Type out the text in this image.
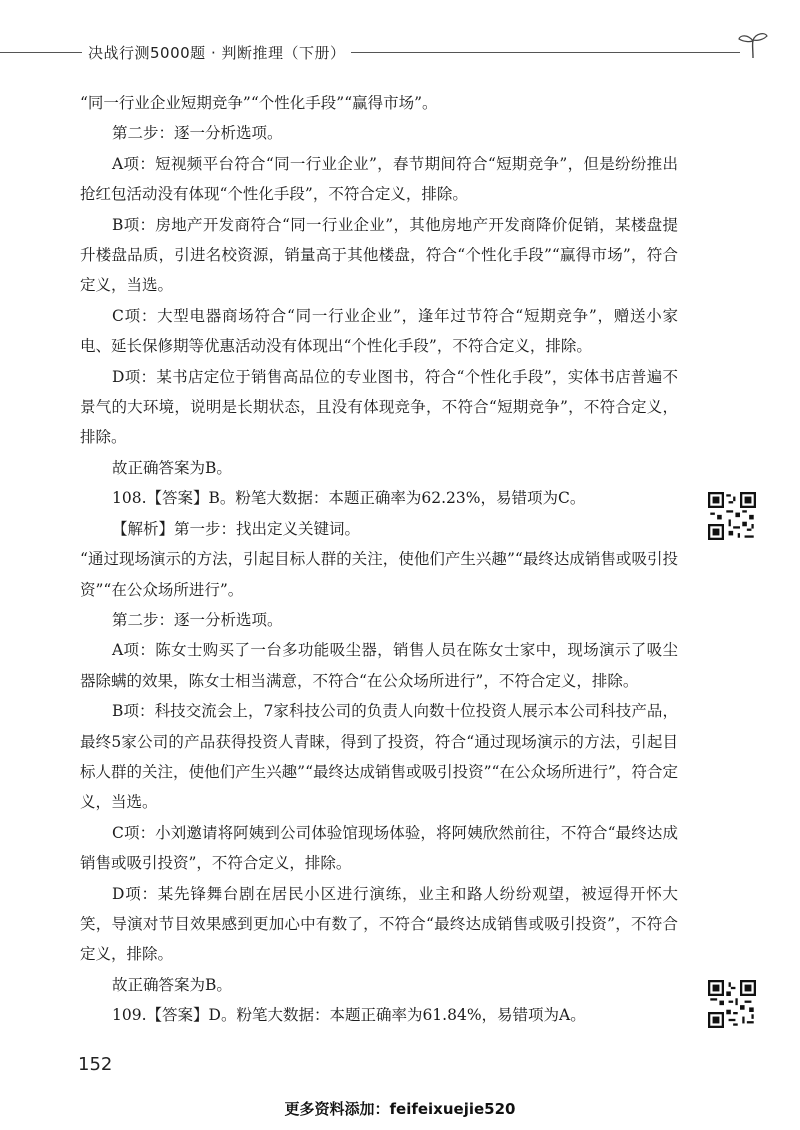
决战行测5000题 · 判断推理（下册）

“同一行业企业短期竞争”“个性化手段”“赢得市场”。

第二步：逐一分析选项。

A项：短视频平台符合“同一行业企业”，春节期间符合“短期竞争”，但是纷纷推出抢红包活动没有体现“个性化手段”，不符合定义，排除。

B项：房地产开发商符合“同一行业企业”，其他房地产开发商降价促销，某楼盘提升楼盘品质，引进名校资源，销量高于其他楼盘，符合“个性化手段”“赢得市场”，符合定义，当选。

C项：大型电器商场符合“同一行业企业”，逢年过节符合“短期竞争”，赠送小家电、延长保修期等优惠活动没有体现出“个性化手段”，不符合定义，排除。

D项：某书店定位于销售高品位的专业图书，符合“个性化手段”，实体书店普遍不景气的大环境，说明是长期状态，且没有体现竞争，不符合“短期竞争”，不符合定义，排除。

故正确答案为B。

108.【答案】B。粉笔大数据：本题正确率为62.23%，易错项为C。

【解析】第一步：找出定义关键词。

“通过现场演示的方法，引起目标人群的关注，使他们产生兴趣”“最终达成销售或吸引投资”“在公众场所进行”。

第二步：逐一分析选项。

A项：陈女士购买了一台多功能吸尘器，销售人员在陈女士家中，现场演示了吸尘器除螨的效果，陈女士相当满意，不符合“在公众场所进行”，不符合定义，排除。

B项：科技交流会上，7家科技公司的负责人向数十位投资人展示本公司科技产品，最终5家公司的产品获得投资人青睐，得到了投资，符合“通过现场演示的方法，引起目标人群的关注，使他们产生兴趣”“最终达成销售或吸引投资”“在公众场所进行”，符合定义，当选。

C项：小刘邀请将阿姨到公司体验馆现场体验，将阿姨欣然前往，不符合“最终达成销售或吸引投资”，不符合定义，排除。

D项：某先锋舞台剧在居民小区进行演练，业主和路人纷纷观望，被逗得开怀大笑，导演对节目效果感到更加心中有数了，不符合“最终达成销售或吸引投资”，不符合定义，排除。

故正确答案为B。

109.【答案】D。粉笔大数据：本题正确率为61.84%，易错项为A。

152
更多资料添加：feifeixuejie520
